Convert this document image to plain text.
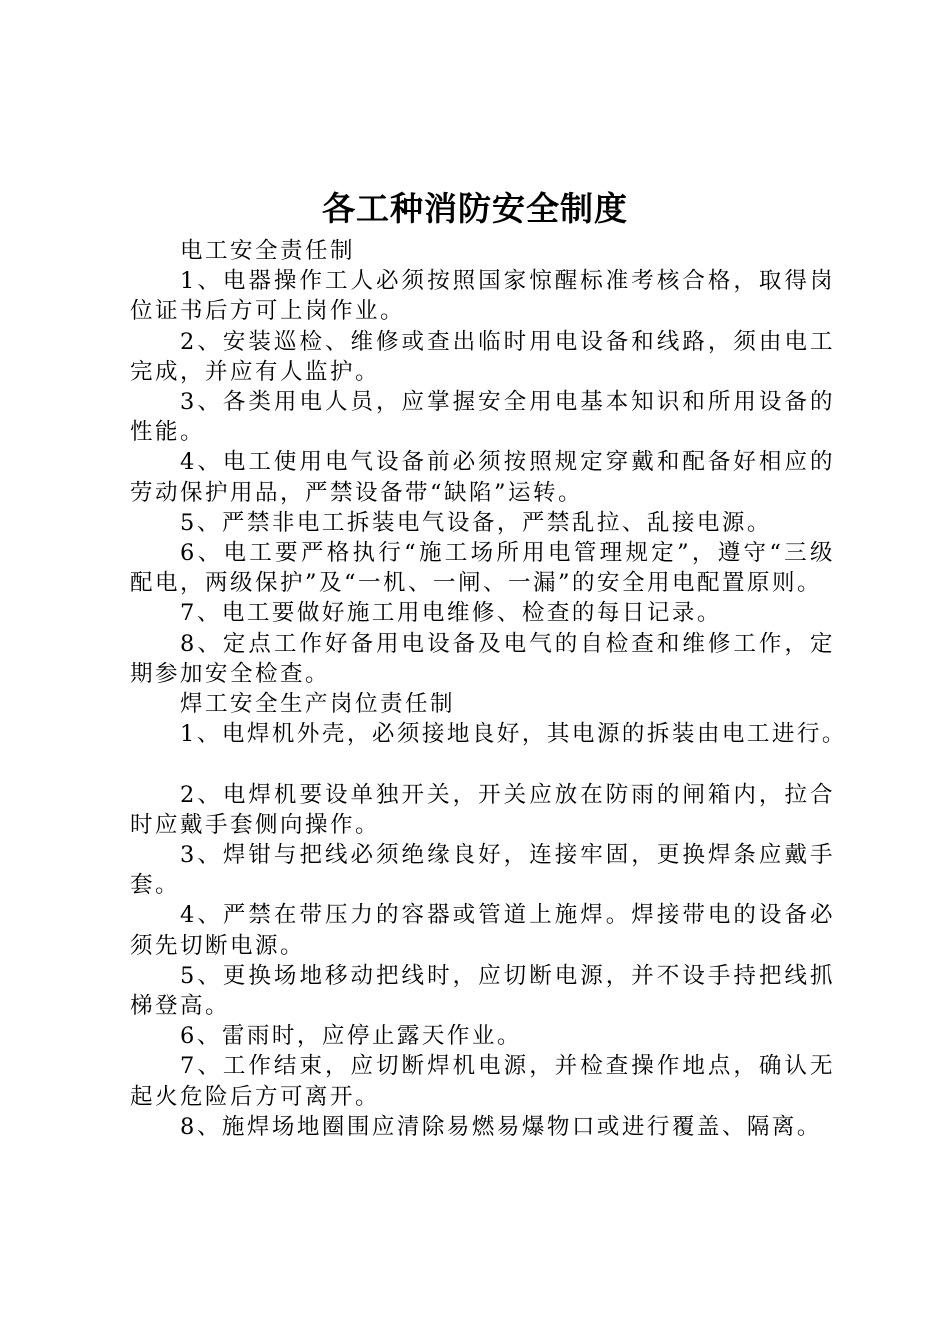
各工种消防安全制度

电工安全责任制

1、电器操作工人必须按照国家惊醒标准考核合格，取得岗位证书后方可上岗作业。

2、安装巡检、维修或查出临时用电设备和线路，须由电工完成，并应有人监护。

3、各类用电人员，应掌握安全用电基本知识和所用设备的性能。

4、电工使用电气设备前必须按照规定穿戴和配备好相应的劳动保护用品，严禁设备带“缺陷”运转。

5、严禁非电工拆装电气设备，严禁乱拉、乱接电源。

6、电工要严格执行“施工场所用电管理规定”，遵守“三级配电，两级保护”及“一机、一闸、一漏”的安全用电配置原则。

7、电工要做好施工用电维修、检查的每日记录。

8、定点工作好备用电设备及电气的自检查和维修工作，定期参加安全检查。

焊工安全生产岗位责任制

1、电焊机外壳，必须接地良好，其电源的拆装由电工进行。

2、电焊机要设单独开关，开关应放在防雨的闸箱内，拉合时应戴手套侧向操作。

3、焊钳与把线必须绝缘良好，连接牢固，更换焊条应戴手套。

4、严禁在带压力的容器或管道上施焊。焊接带电的设备必须先切断电源。

5、更换场地移动把线时，应切断电源，并不设手持把线抓梯登高。

6、雷雨时，应停止露天作业。

7、工作结束，应切断焊机电源，并检查操作地点，确认无起火危险后方可离开。

8、施焊场地圈围应清除易燃易爆物口或进行覆盖、隔离。
